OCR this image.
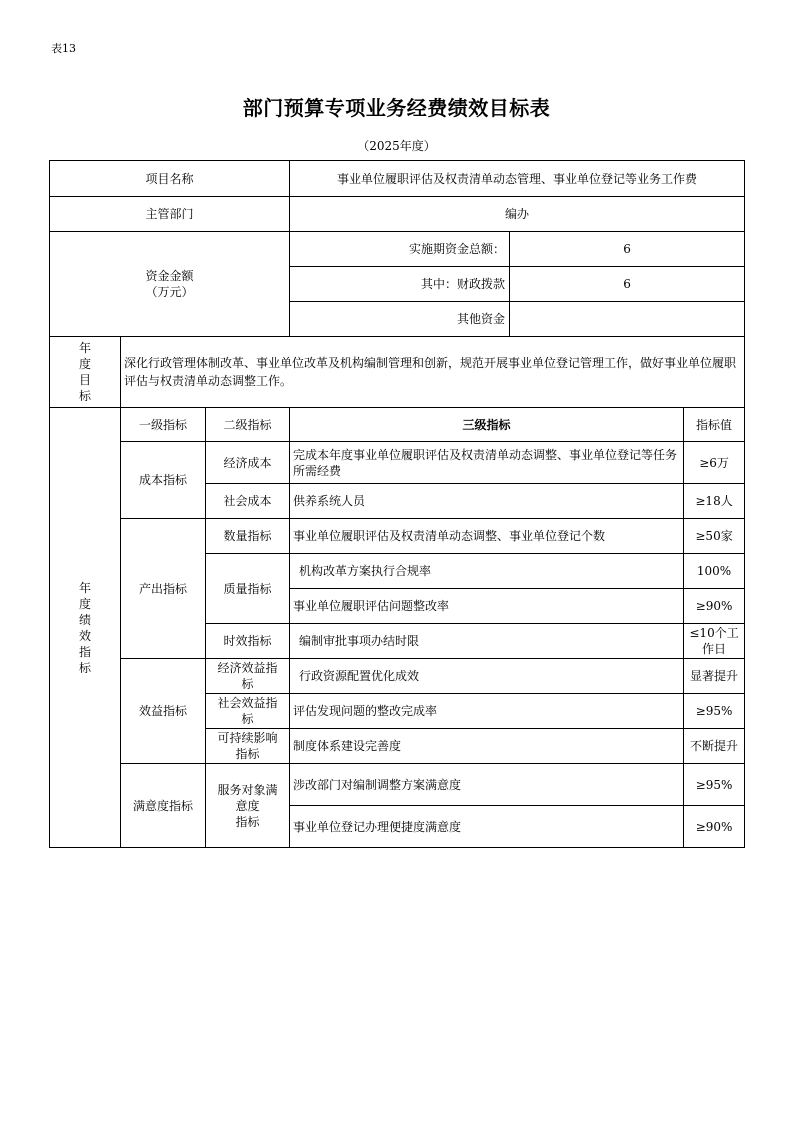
表13
部门预算专项业务经费绩效目标表
（2025年度）
项目名称			事业单位履职评估及权责清单动态管理、事业单位登记等业务工作费		
主管部门			编办		

资金金额
（万元）			实施期资金总额：	6	
			其中：财政拨款	6	
			其他资金		

年度目标	深化行政管理体制改革、事业单位改革及机构编制管理和创新，规范开展事业单位登记管理工作，做好事业单位履职评估与权责清单动态调整工作。				

年度绩效指标	一级指标	二级指标	三级指标		指标值
	成本指标	经济成本	完成本年度事业单位履职评估及权责清单动态调整、事业单位登记等任务所需经费		≥6万
		社会成本	供养系统人员		≥18人
	产出指标	数量指标	事业单位履职评估及权责清单动态调整、事业单位登记个数		≥50家
		质量指标	机构改革方案执行合规率		100%
			事业单位履职评估问题整改率		≥90%
		时效指标	编制审批事项办结时限		≤10个工
作日

	效益指标	经济效益指
标	行政资源配置优化成效		显著提升

		社会效益指
标	评估发现问题的整改完成率		≥95%

		可持续影响
指标	制度体系建设完善度		不断提升
	满意度指标	服务对象满
意度
指标	涉改部门对编制调整方案满意度		≥95%
			事业单位登记办理便捷度满意度		≥90%
